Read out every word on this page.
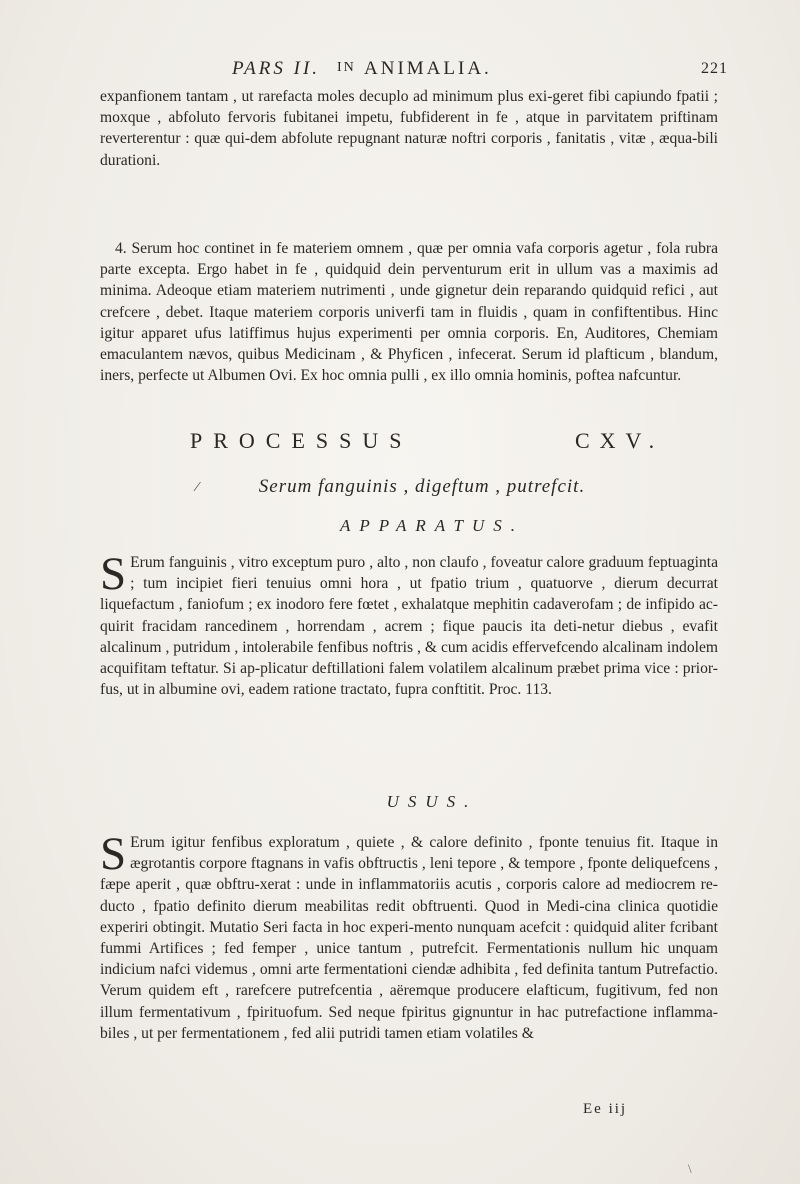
PARS II. IN ANIMALIA.	221

expanfionem tantam , ut rarefacta moles decuplo ad minimum plus exi-geret fibi capiundo fpatii ; moxque , abfoluto fervoris fubitanei impetu, fubfiderent in fe , atque in parvitatem priftinam reverterentur : quæ qui-dem abfolute repugnant naturæ noftri corporis , fanitatis , vitæ , æqua-bili durationi.

4. Serum hoc continet in fe materiem omnem , quæ per omnia vafa corporis agetur , fola rubra parte excepta. Ergo habet in fe , quidquid dein perventurum erit in ullum vas a maximis ad minima. Adeoque etiam materiem nutrimenti , unde gignetur dein reparando quidquid refici , aut crefcere , debet. Itaque materiem corporis univerfi tam in fluidis , quam in confiftentibus. Hinc igitur apparet ufus latiffimus hujus experimenti per omnia corporis. En, Auditores, Chemiam emaculantem nævos, quibus Medicinam , & Phyficen , infecerat. Serum id plafticum , blandum, iners, perfecte ut Albumen Ovi. Ex hoc omnia pulli , ex illo omnia hominis, poftea nafcuntur.

PROCESSUS	CXV.
⁄	Serum fanguinis , digeftum , putrefcit.
APPARATUS.

S Erum fanguinis , vitro exceptum puro , alto , non claufo , foveatur calore graduum feptuaginta ; tum incipiet fieri tenuius omni hora , ut fpatio trium , quatuorve , dierum decurrat liquefactum , faniofum ; ex inodoro fere fœtet , exhalatque mephitin cadaverofam ; de infipido ac-quirit fracidam rancedinem , horrendam , acrem ; fique paucis ita deti-netur diebus , evafit alcalinum , putridum , intolerabile fenfibus noftris , & cum acidis effervefcendo alcalinam indolem acquifitam teftatur. Si ap-plicatur deftillationi falem volatilem alcalinum præbet prima vice : prior-fus, ut in albumine ovi, eadem ratione tractato, fupra conftitit. Proc. 113.

USUS.

S Erum igitur fenfibus exploratum , quiete , & calore definito , fponte tenuius fit. Itaque in ægrotantis corpore ftagnans in vafis obftructis , leni tepore , & tempore , fponte deliquefcens , fæpe aperit , quæ obftru-xerat : unde in inflammatoriis acutis , corporis calore ad mediocrem re-ducto , fpatio definito dierum meabilitas redit obftruenti. Quod in Medi-cina clinica quotidie experiri obtingit. Mutatio Seri facta in hoc experi-mento nunquam acefcit : quidquid aliter fcribant fummi Artifices ; fed femper , unice tantum , putrefcit. Fermentationis nullum hic unquam indicium nafci videmus , omni arte fermentationi ciendæ adhibita , fed definita tantum Putrefactio. Verum quidem eft , rarefcere putrefcentia , aëremque producere elafticum, fugitivum, fed non illum fermentativum , fpirituofum. Sed neque fpiritus gignuntur in hac putrefactione inflamma-biles , ut per fermentationem , fed alii putridi tamen etiam volatiles &

Ee iij
\
